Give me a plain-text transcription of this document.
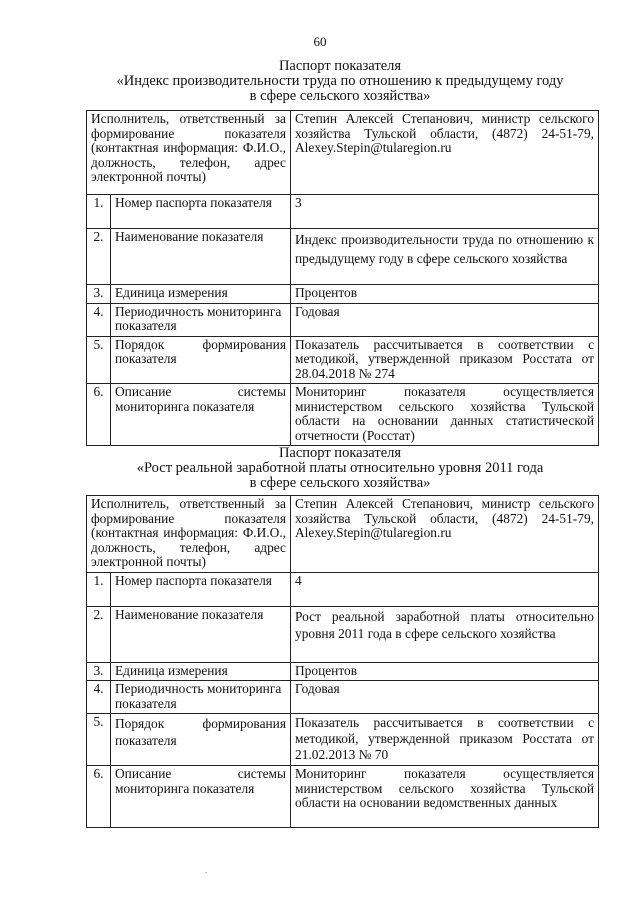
60
Паспорт показателя
«Индекс производительности труда по отношению к предыдущему году
в сфере сельского хозяйства»
Исполнитель, ответственный за формирование показателя (контактная информация: Ф.И.О., должность, телефон, адрес электронной почты)		Степин Алексей Степанович, министр сельского хозяйства Тульской области, (4872) 24-51-79, Alexey.Stepin@tularegion.ru
1.	Номер паспорта показателя	3
2.	Наименование показателя	Индекс производительности труда по отношению к предыдущему году в сфере сельского хозяйства
3.	Единица измерения	Процентов
4.	Периодичность мониторинга показателя	Годовая
5.	Порядок формирования показателя	Показатель рассчитывается в соответствии с методикой, утвержденной приказом Росстата от 28.04.2018 № 274
6.	Описание системы мониторинга показателя	Мониторинг показателя осуществляется министерством сельского хозяйства Тульской области на основании данных статистической отчетности (Росстат)
Паспорт показателя
«Рост реальной заработной платы относительно уровня 2011 года
в сфере сельского хозяйства»
Исполнитель, ответственный за формирование показателя (контактная информация: Ф.И.О., должность, телефон, адрес электронной почты)		Степин Алексей Степанович, министр сельского хозяйства Тульской области, (4872) 24-51-79, Alexey.Stepin@tularegion.ru
1.	Номер паспорта показателя	4
2.	Наименование показателя	Рост реальной заработной платы относительно уровня 2011 года в сфере сельского хозяйства
3.	Единица измерения	Процентов
4.	Периодичность мониторинга показателя	Годовая
5.	Порядок формирования показателя	Показатель рассчитывается в соответствии с методикой, утвержденной приказом Росстата от 21.02.2013 № 70
6.	Описание системы мониторинга показателя	Мониторинг показателя осуществляется министерством сельского хозяйства Тульской области на основании ведомственных данных
